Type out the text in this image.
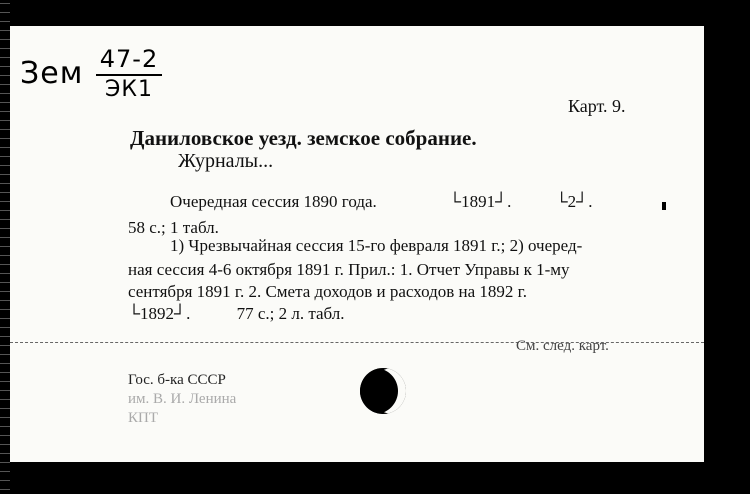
Зем 47-2
ЭК1
Карт. 9.
Даниловское уезд. земское собрание.
Журналы...
Очередная сессия 1890 года.	└1891┘.	└2┘.
58 с.; 1 табл.
1) Чрезвычайная сессия 15-го февраля 1891 г.; 2) очеред-
ная сессия 4-6 октября 1891 г. Прил.: 1. Отчет Управы к 1-му
сентября 1891 г. 2. Смета доходов и расходов на 1892 г.
└1892┘.	77 с.; 2 л. табл.
См. след. карт.
Гос. б-ка СССР
им. В. И. Ленина
КПТ
